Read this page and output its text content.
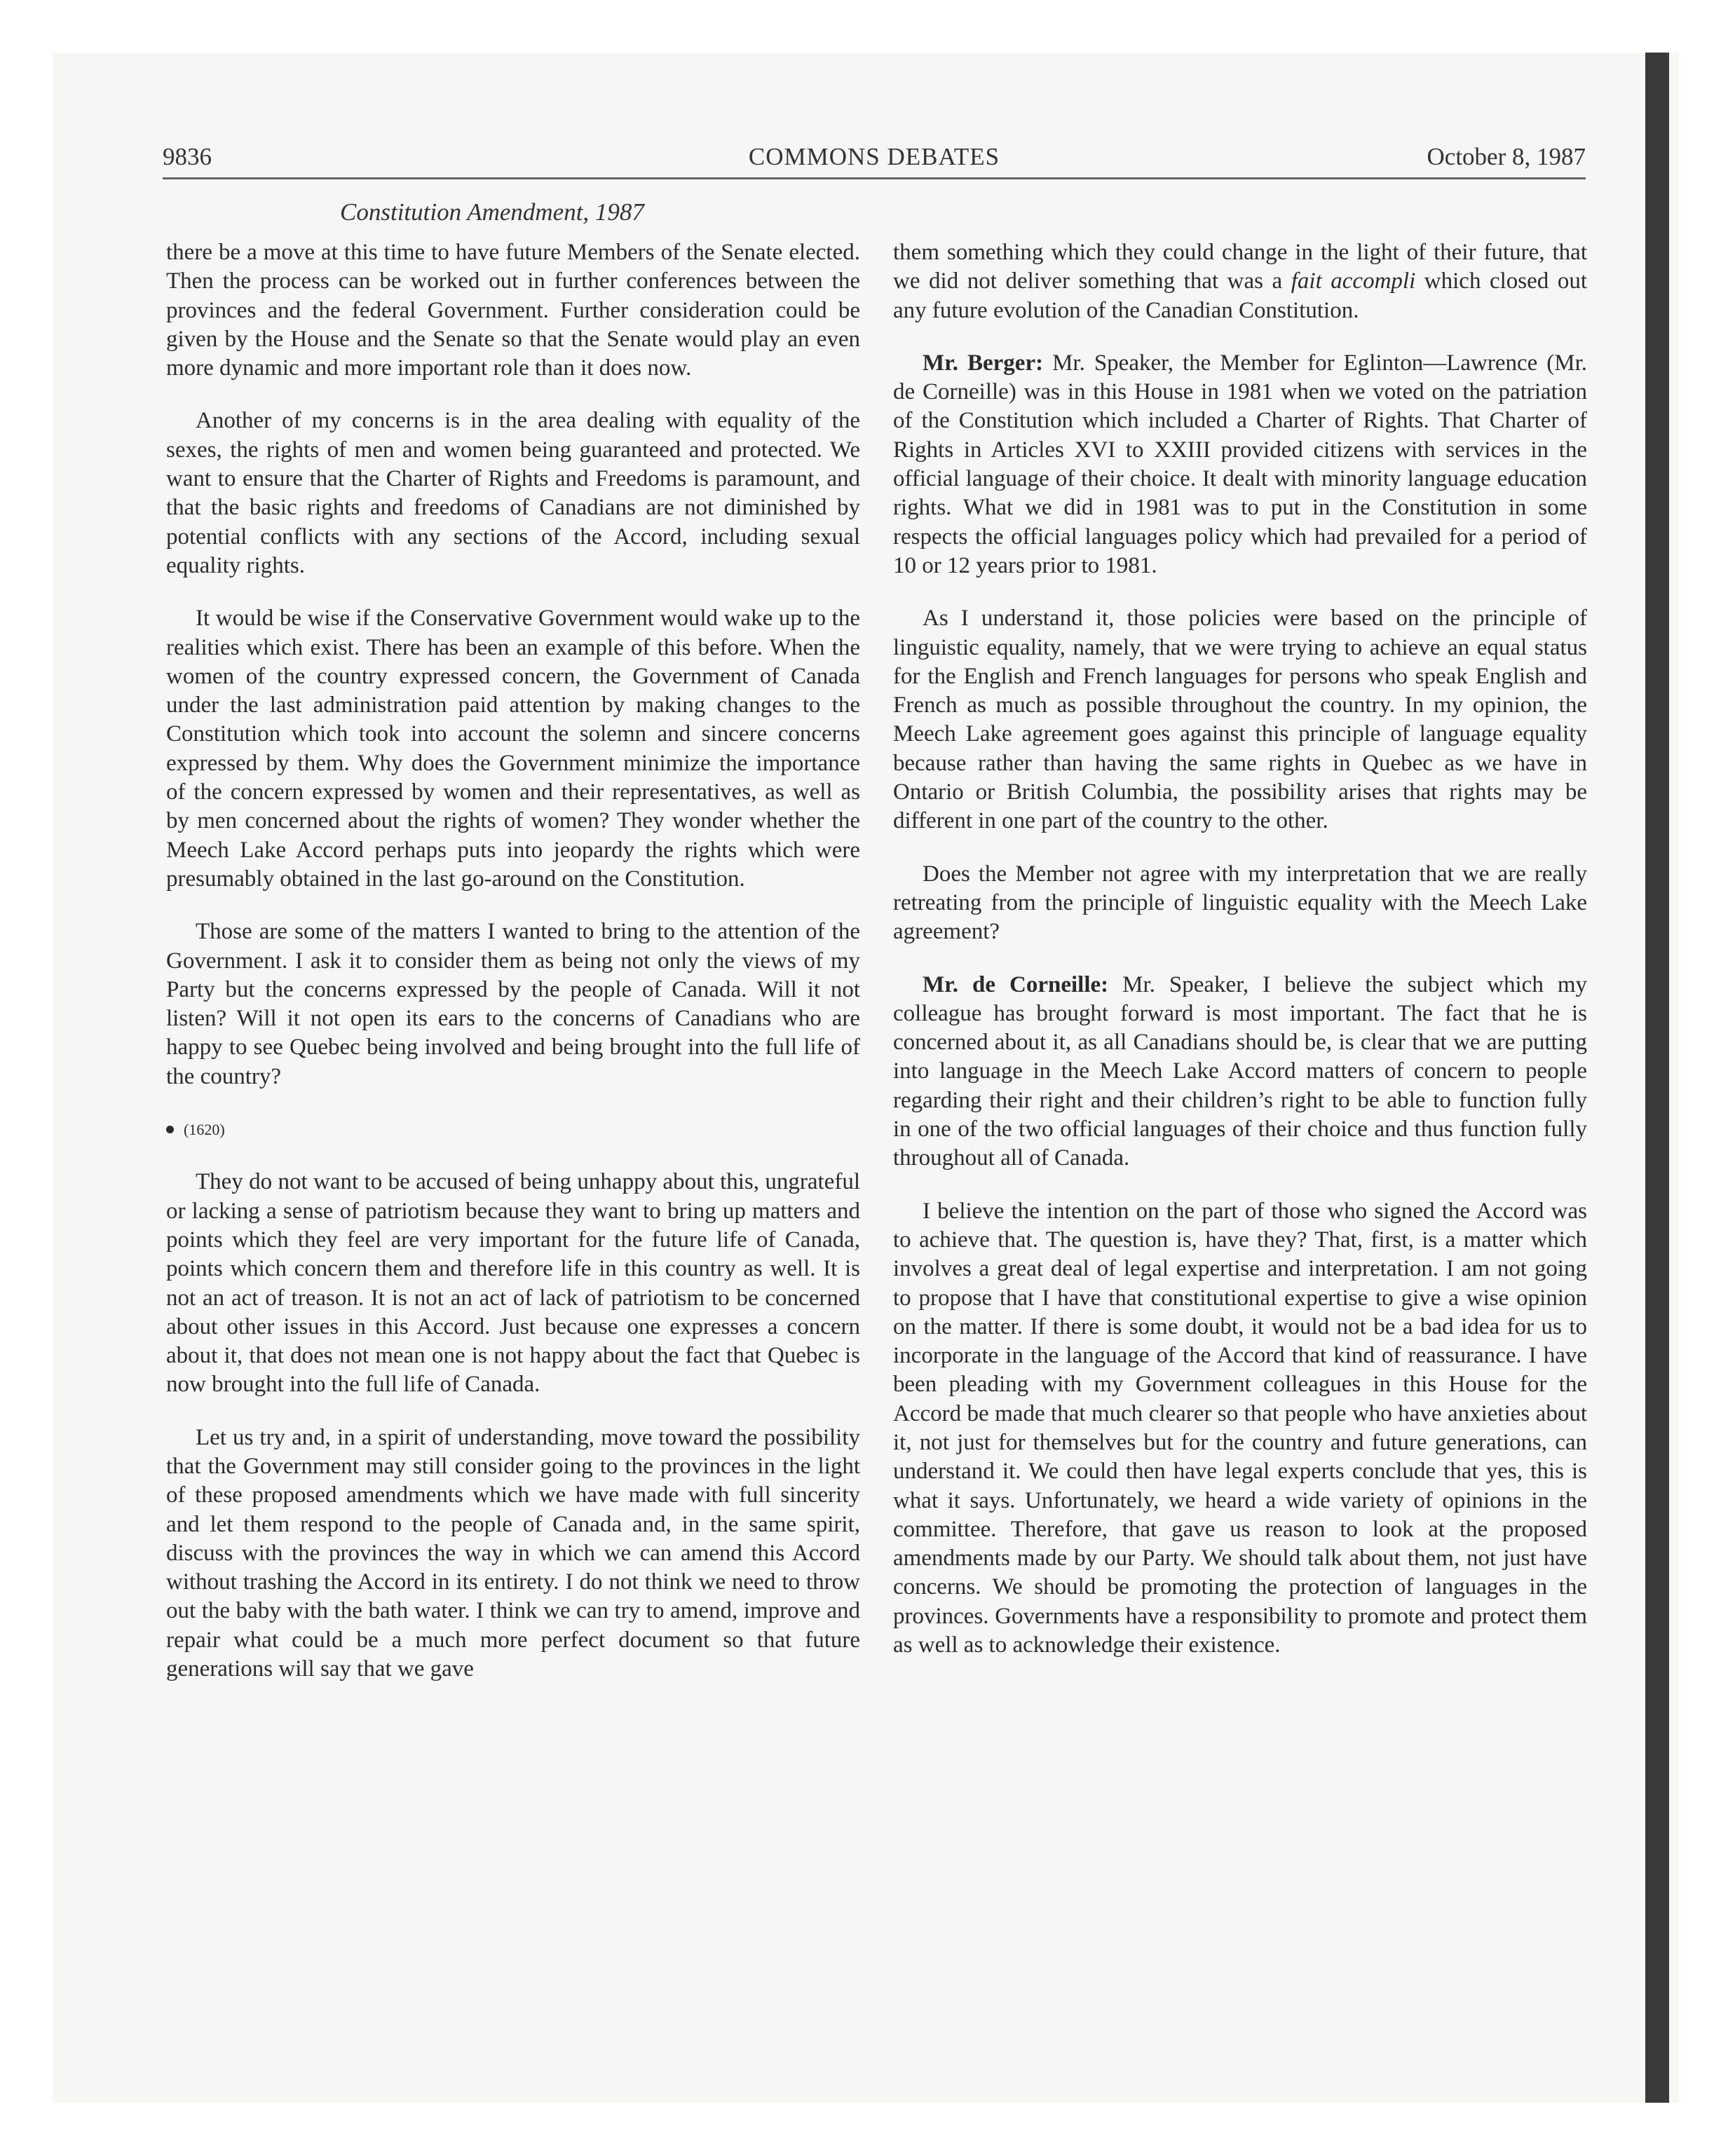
9836	COMMONS DEBATES	October 8, 1987
Constitution Amendment, 1987

there be a move at this time to have future Members of the Senate elected. Then the process can be worked out in further conferences between the provinces and the federal Government. Further consideration could be given by the House and the Senate so that the Senate would play an even more dynamic and more important role than it does now.

Another of my concerns is in the area dealing with equality of the sexes, the rights of men and women being guaranteed and protected. We want to ensure that the Charter of Rights and Freedoms is paramount, and that the basic rights and freedoms of Canadians are not diminished by potential conflicts with any sections of the Accord, including sexual equality rights.

It would be wise if the Conservative Government would wake up to the realities which exist. There has been an example of this before. When the women of the country expressed concern, the Government of Canada under the last administration paid attention by making changes to the Constitution which took into account the solemn and sincere concerns expressed by them. Why does the Government minimize the importance of the concern expressed by women and their representatives, as well as by men concerned about the rights of women? They wonder whether the Meech Lake Accord perhaps puts into jeopardy the rights which were presumably obtained in the last go-around on the Constitution.

Those are some of the matters I wanted to bring to the attention of the Government. I ask it to consider them as being not only the views of my Party but the concerns expressed by the people of Canada. Will it not listen? Will it not open its ears to the concerns of Canadians who are happy to see Quebec being involved and being brought into the full life of the country?

(1620)

They do not want to be accused of being unhappy about this, ungrateful or lacking a sense of patriotism because they want to bring up matters and points which they feel are very important for the future life of Canada, points which concern them and therefore life in this country as well. It is not an act of treason. It is not an act of lack of patriotism to be concerned about other issues in this Accord. Just because one expresses a concern about it, that does not mean one is not happy about the fact that Quebec is now brought into the full life of Canada.

Let us try and, in a spirit of understanding, move toward the possibility that the Government may still consider going to the provinces in the light of these proposed amendments which we have made with full sincerity and let them respond to the people of Canada and, in the same spirit, discuss with the provinces the way in which we can amend this Accord without trashing the Accord in its entirety. I do not think we need to throw out the baby with the bath water. I think we can try to amend, improve and repair what could be a much more perfect document so that future generations will say that we gave

them something which they could change in the light of their future, that we did not deliver something that was a fait accompli which closed out any future evolution of the Canadian Constitution.

Mr. Berger: Mr. Speaker, the Member for Eglinton—Lawrence (Mr. de Corneille) was in this House in 1981 when we voted on the patriation of the Constitution which included a Charter of Rights. That Charter of Rights in Articles XVI to XXIII provided citizens with services in the official language of their choice. It dealt with minority language education rights. What we did in 1981 was to put in the Constitution in some respects the official languages policy which had prevailed for a period of 10 or 12 years prior to 1981.

As I understand it, those policies were based on the principle of linguistic equality, namely, that we were trying to achieve an equal status for the English and French languages for persons who speak English and French as much as possible throughout the country. In my opinion, the Meech Lake agreement goes against this principle of language equality because rather than having the same rights in Quebec as we have in Ontario or British Columbia, the possibility arises that rights may be different in one part of the country to the other.

Does the Member not agree with my interpretation that we are really retreating from the principle of linguistic equality with the Meech Lake agreement?

Mr. de Corneille: Mr. Speaker, I believe the subject which my colleague has brought forward is most important. The fact that he is concerned about it, as all Canadians should be, is clear that we are putting into language in the Meech Lake Accord matters of concern to people regarding their right and their children’s right to be able to function fully in one of the two official languages of their choice and thus function fully throughout all of Canada.

I believe the intention on the part of those who signed the Accord was to achieve that. The question is, have they? That, first, is a matter which involves a great deal of legal expertise and interpretation. I am not going to propose that I have that constitutional expertise to give a wise opinion on the matter. If there is some doubt, it would not be a bad idea for us to incorporate in the language of the Accord that kind of reassurance. I have been pleading with my Government colleagues in this House for the Accord be made that much clearer so that people who have anxieties about it, not just for themselves but for the country and future generations, can understand it. We could then have legal experts conclude that yes, this is what it says. Unfortunately, we heard a wide variety of opinions in the committee. Therefore, that gave us reason to look at the proposed amendments made by our Party. We should talk about them, not just have concerns. We should be promoting the protection of languages in the provinces. Governments have a responsibility to promote and protect them as well as to acknowledge their existence.
